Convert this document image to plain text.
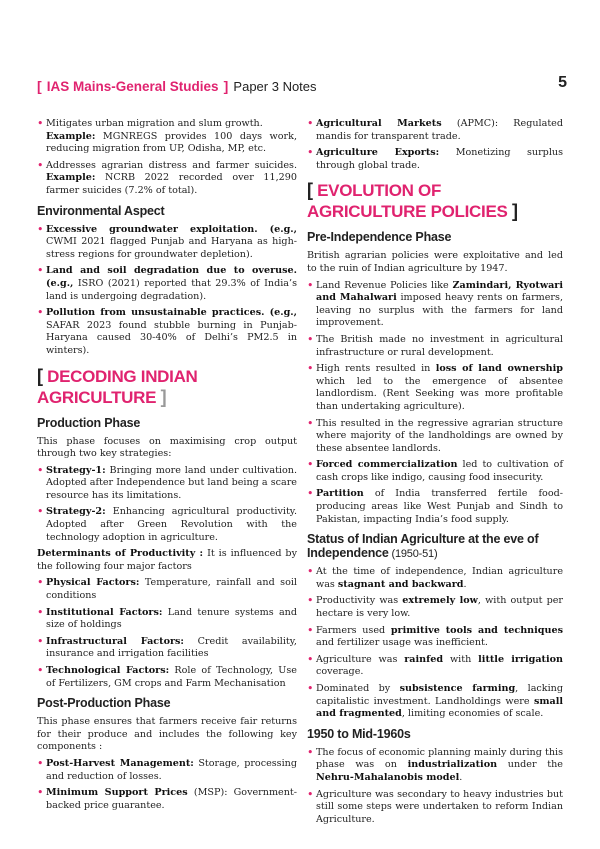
[ IAS Mains-General Studies ] Paper 3 Notes	5
• Mitigates urban migration and slum growth.
Example: MGNREGS provides 100 days work, reducing migration from UP, Odisha, MP, etc.
• Addresses agrarian distress and farmer suicides. Example: NCRB 2022 recorded over 11,290 farmer suicides (7.2% of total).
Environmental Aspect
• Excessive groundwater exploitation. (e.g., CWMI 2021 flagged Punjab and Haryana as high-stress regions for groundwater depletion).
• Land and soil degradation due to overuse. (e.g., ISRO (2021) reported that 29.3% of India’s land is undergoing degradation).
• Pollution from unsustainable practices. (e.g., SAFAR 2023 found stubble burning in Punjab-Haryana caused 30-40% of Delhi’s PM2.5 in winters).
[ DECODING INDIAN AGRICULTURE ]
Production Phase
This phase focuses on maximising crop output through two key strategies:
• Strategy-1: Bringing more land under cultivation. Adopted after Independence but land being a scare resource has its limitations.
• Strategy-2: Enhancing agricultural productivity. Adopted after Green Revolution with the technology adoption in agriculture.
Determinants of Productivity : It is influenced by the following four major factors
• Physical Factors: Temperature, rainfall and soil conditions
• Institutional Factors: Land tenure systems and size of holdings
• Infrastructural Factors: Credit availability, insurance and irrigation facilities
• Technological Factors: Role of Technology, Use of Fertilizers, GM crops and Farm Mechanisation
Post-Production Phase
This phase ensures that farmers receive fair returns for their produce and includes the following key components :
• Post-Harvest Management: Storage, processing and reduction of losses.
• Minimum Support Prices (MSP): Government-backed price guarantee.
• Agricultural Markets (APMC): Regulated mandis for transparent trade.
• Agriculture Exports: Monetizing surplus through global trade.
[ EVOLUTION OF AGRICULTURE POLICIES ]
Pre-Independence Phase
British agrarian policies were exploitative and led to the ruin of Indian agriculture by 1947.
• Land Revenue Policies like Zamindari, Ryotwari and Mahalwari imposed heavy rents on farmers, leaving no surplus with the farmers for land improvement.
• The British made no investment in agricultural infrastructure or rural development.
• High rents resulted in loss of land ownership which led to the emergence of absentee landlordism. (Rent Seeking was more profitable than undertaking agriculture).
• This resulted in the regressive agrarian structure where majority of the landholdings are owned by these absentee landlords.
• Forced commercialization led to cultivation of cash crops like indigo, causing food insecurity.
• Partition of India transferred fertile food-producing areas like West Punjab and Sindh to Pakistan, impacting India’s food supply.
Status of Indian Agriculture at the eve of Independence (1950-51)
• At the time of independence, Indian agriculture was stagnant and backward.
• Productivity was extremely low, with output per hectare is very low.
• Farmers used primitive tools and techniques and fertilizer usage was inefficient.
• Agriculture was rainfed with little irrigation coverage.
• Dominated by subsistence farming, lacking capitalistic investment. Landholdings were small and fragmented, limiting economies of scale.
1950 to Mid-1960s
• The focus of economic planning mainly during this phase was on industrialization under the Nehru-Mahalanobis model.
• Agriculture was secondary to heavy industries but still some steps were undertaken to reform Indian Agriculture.
